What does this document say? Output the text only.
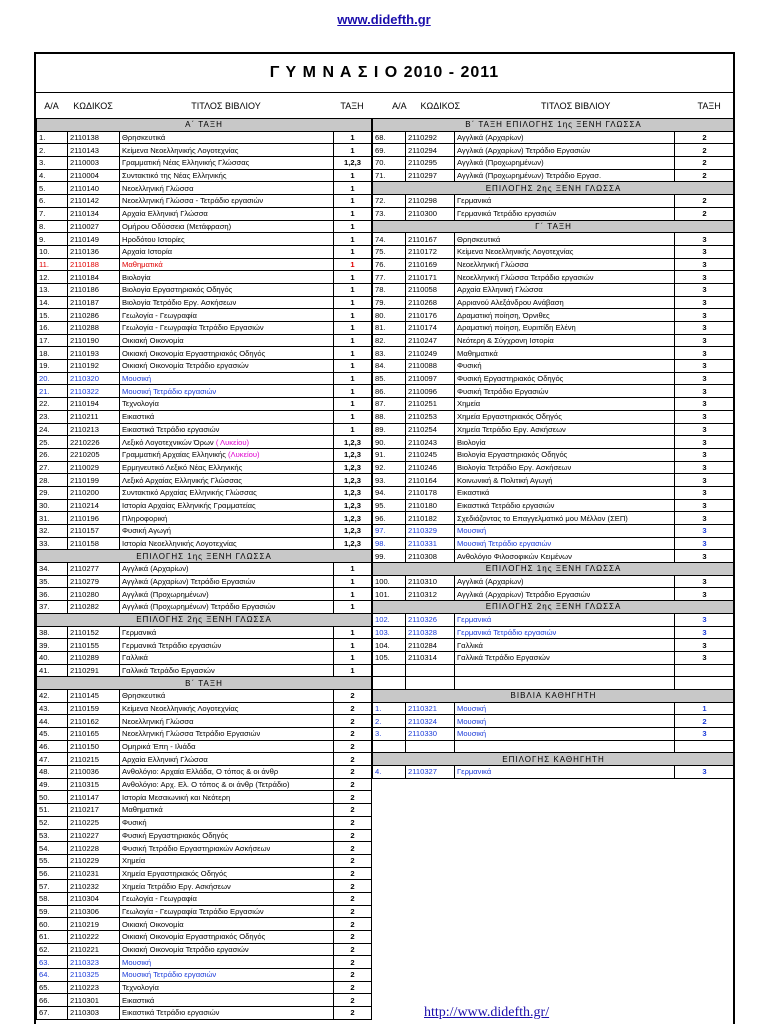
www.didefth.gr
Γ Υ Μ Ν Α Σ Ι Ο 2010 - 2011
Α/Α	ΚΩΔΙΚΟΣ	ΤΙΤΛΟΣ ΒΙΒΛΙΟΥ	ΤΑΞΗ	Α/Α	ΚΩΔΙΚΟΣ	ΤΙΤΛΟΣ ΒΙΒΛΙΟΥ	ΤΑΞΗ
Α΄ ΤΑΞΗ			
1.	2110138	Θρησκευτικά	1
2.	2110143	Κείμενα Νεοελληνικής Λογοτεχνίας	1
3.	2110003	Γραμματική Νέας Ελληνικής Γλώσσας	1,2,3
4.	2110004	Συντακτικό της Νέας Ελληνικής	1
5.	2110140	Νεοελληνική Γλώσσα	1
6.	2110142	Νεοελληνική Γλώσσα - Τετράδιο εργασιών	1
7.	2110134	Αρχαία Ελληνική Γλώσσα	1
8.	2110027	Ομήρου Οδύσσεια (Μετάφραση)	1
9.	2110149	Ηροδότου Ιστορίες	1
10.	2110136	Αρχαία Ιστορία	1
11.	2110188	Μαθηματικά	1
12.	2110184	Βιολογία	1
13.	2110186	Βιολογία Εργαστηριακός Οδηγός	1
14.	2110187	Βιολογία Τετράδιο Εργ. Ασκήσεων	1
15.	2110286	Γεωλογία - Γεωγραφία	1
16.	2110288	Γεωλογία - Γεωγραφία Τετράδιο Εργασιών	1
17.	2110190	Οικιακή Οικονομία	1
18.	2110193	Οικιακή Οικονομία Εργαστηριακός Οδηγός	1
19.	2110192	Οικιακή Οικονομία Τετράδιο εργασιών	1
20.	2110320	Μουσική	1
21.	2110322	Μουσική Τετράδιο εργασιών	1
22.	2110194	Τεχνολογία	1
23.	2110211	Εικαστικά	1
24.	2110213	Εικαστικά Τετράδιο εργασιών	1
25.	2210226	Λεξικό Λογοτεχνικών Όρων ( Λυκείου)	1,2,3
26.	2210205	Γραμματική Αρχαίας Ελληνικής (Λυκείου)	1,2,3
27.	2110029	Ερμηνευτικό Λεξικό Νέας Ελληνικής	1,2,3
28.	2110199	Λεξικό Αρχαίας Ελληνικής Γλώσσας	1,2,3
29.	2110200	Συντακτικό Αρχαίας Ελληνικής Γλώσσας	1,2,3
30.	2110214	Ιστορία Αρχαίας Ελληνικής Γραμματείας	1,2,3
31.	2110196	Πληροφορική	1,2,3
32.	2110157	Φυσική Αγωγή	1,2,3
33.	2110158	Ιστορία Νεοελληνικής Λογοτεχνίας	1,2,3
ΕΠΙΛΟΓΗΣ 1ης ΞΕΝΗ ΓΛΩΣΣΑ			
34.	2110277	Αγγλικά (Αρχαρίων)	1
35.	2110279	Αγγλικά (Αρχαρίων) Τετράδιο Εργασιών	1
36.	2110280	Αγγλικά (Προχωρημένων)	1
37.	2110282	Αγγλικά (Προχωρημένων) Τετράδιο Εργασιών	1
ΕΠΙΛΟΓΗΣ 2ης ΞΕΝΗ ΓΛΩΣΣΑ			
38.	2110152	Γερμανικά	1
39.	2110155	Γερμανικά Τετράδιο εργασιών	1
40.	2110289	Γαλλικά	1
41.	2110291	Γαλλικά Τετράδιο Εργασιών	1
Β΄ ΤΑΞΗ			
42.	2110145	Θρησκευτικά	2
43.	2110159	Κείμενα Νεοελληνικής Λογοτεχνίας	2
44.	2110162	Νεοελληνική Γλώσσα	2
45.	2110165	Νεοελληνική Γλώσσα Τετράδιο Εργασιών	2
46.	2110150	Ομηρικά Έπη - Ιλιάδα	2
47.	2110215	Αρχαία Ελληνική Γλώσσα	2
48.	2110036	Ανθολόγιο: Αρχαία Ελλάδα, Ο τόπος & οι άνθρ	2
49.	2110315	Ανθολόγιο: Αρχ. Ελ. Ο τόπος & οι άνθρ (Τετράδιο)	2
50.	2110147	Ιστορία Μεσαιωνική και Νεότερη	2
51.	2110217	Μαθηματικά	2
52.	2110225	Φυσική	2
53.	2110227	Φυσική Εργαστηριακός Οδηγός	2
54.	2110228	Φυσική Τετράδιο Εργαστηριακών Ασκήσεων	2
55.	2110229	Χημεία	2
56.	2110231	Χημεία Εργαστηριακός Οδηγός	2
57.	2110232	Χημεία Τετράδιο Εργ. Ασκήσεων	2
58.	2110304	Γεωλογία - Γεωγραφία	2
59.	2110306	Γεωλογία - Γεωγραφία Τετράδιο Εργασιών	2
60.	2110219	Οικιακή Οικονομία	2
61.	2110222	Οικιακή Οικονομία Εργαστηριακός Οδηγός	2
62.	2110221	Οικιακή Οικονομία Τετράδιο εργασιών	2
63.	2110323	Μουσική	2
64.	2110325	Μουσική Τετράδιο εργασιών	2
65.	2110223	Τεχνολογία	2
66.	2110301	Εικαστικά	2
67.	2110303	Εικαστικά Τετράδιο εργασιών	2
Β΄ ΤΑΞΗ ΕΠΙΛΟΓΗΣ 1ης ΞΕΝΗ ΓΛΩΣΣΑ			
68.	2110292	Αγγλικά (Αρχαρίων)	2
69.	2110294	Αγγλικά (Αρχαρίων) Τετράδιο Εργασιών	2
70.	2110295	Αγγλικά (Προχωρημένων)	2
71.	2110297	Αγγλικά (Προχωρημένων) Τετράδιο Εργασ.	2
ΕΠΙΛΟΓΗΣ 2ης ΞΕΝΗ ΓΛΩΣΣΑ			
72.	2110298	Γερμανικά	2
73.	2110300	Γερμανικά Τετράδιο εργασιών	2
Γ΄ ΤΑΞΗ			
74.	2110167	Θρησκευτικά	3
75.	2110172	Κείμενα Νεοελληνικής Λογοτεχνίας	3
76.	2110169	Νεοελληνική Γλώσσα	3
77.	2110171	Νεοελληνική Γλώσσα Τετράδιο εργασιών	3
78.	2110058	Αρχαία Ελληνική Γλώσσα	3
79.	2110268	Αρριανού Αλεξάνδρου Ανάβαση	3
80.	2110176	Δραματική ποίηση, Όρνιθες	3
81.	2110174	Δραματική ποίηση, Ευριπίδη Ελένη	3
82.	2110247	Νεότερη & Σύγχρονη Ιστορία	3
83.	2110249	Μαθηματικά	3
84.	2110088	Φυσική	3
85.	2110097	Φυσική Εργαστηριακός Οδηγός	3
86.	2110096	Φυσική Τετράδιο Εργασιών	3
87.	2110251	Χημεία	3
88.	2110253	Χημεία Εργαστηριακός Οδηγός	3
89.	2110254	Χημεία Τετράδιο Εργ. Ασκήσεων	3
90.	2110243	Βιολογία	3
91.	2110245	Βιολογία Εργαστηριακός Οδηγός	3
92.	2110246	Βιολογία Τετράδιο Εργ. Ασκήσεων	3
93.	2110164	Κοινωνική & Πολιτική Αγωγή	3
94.	2110178	Εικαστικά	3
95.	2110180	Εικαστικά Τετράδιο εργασιών	3
96.	2110182	Σχεδιάζοντας το Επαγγελματικό μου Μέλλον (ΣΕΠ)	3
97.	2110329	Μουσική	3
98.	2110331	Μουσική Τετράδιο εργασιών	3
99.	2110308	Ανθολόγιο Φιλοσοφικών Κειμένων	3
ΕΠΙΛΟΓΗΣ 1ης ΞΕΝΗ ΓΛΩΣΣΑ			
100.	2110310	Αγγλικά (Αρχαρίων)	3
101.	2110312	Αγγλικά (Αρχαρίων) Τετράδιο Εργασιών	3
ΕΠΙΛΟΓΗΣ 2ης ΞΕΝΗ ΓΛΩΣΣΑ			
102.	2110326	Γερμανικά	3
103.	2110328	Γερμανικά Τετράδιο εργασιών	3
104.	2110284	Γαλλικά	3
105.	2110314	Γαλλικά Τετράδιο Εργασιών	3

ΒΙΒΛΙΑ ΚΑΘΗΓΗΤΗ			
1.	2110321	Μουσική	1
2.	2110324	Μουσική	2
3.	2110330	Μουσική	3

ΕΠΙΛΟΓΗΣ ΚΑΘΗΓΗΤΗ			
4.	2110327	Γερμανικά	3
http://www.didefth.gr/
